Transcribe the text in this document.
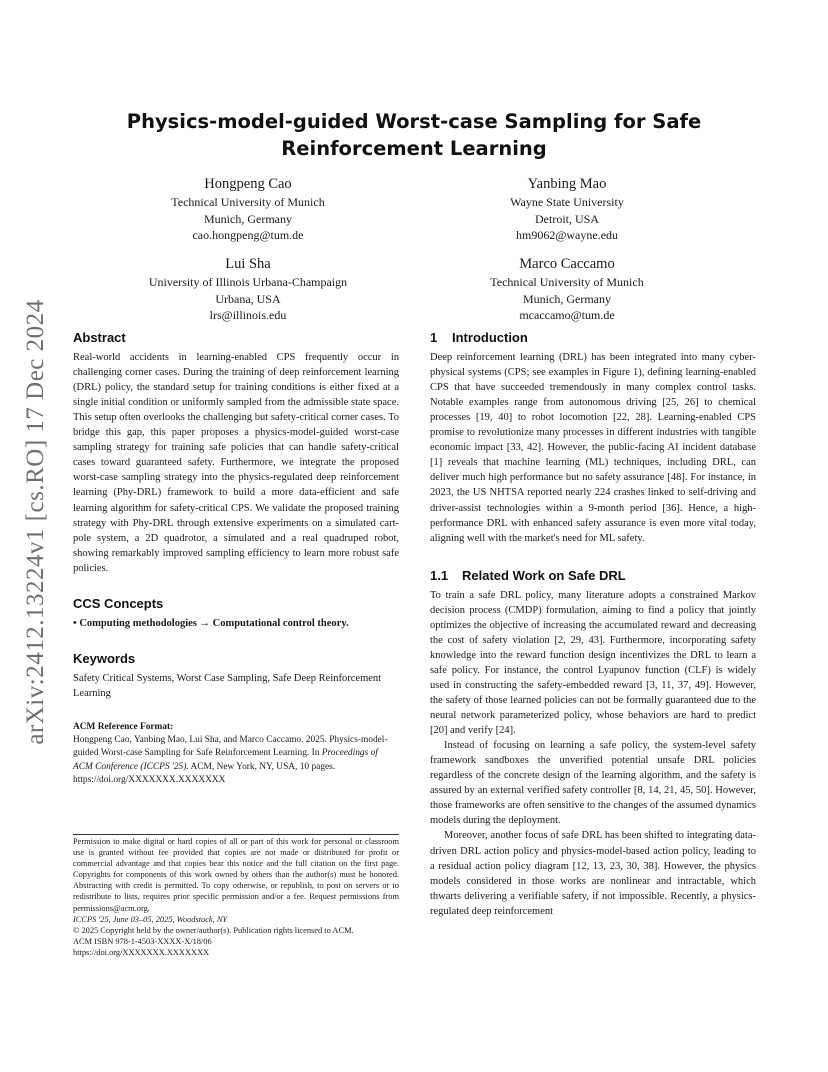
arXiv:2412.13224v1 [cs.RO] 17 Dec 2024
Physics-model-guided Worst-case Sampling for Safe
Reinforcement Learning
Hongpeng Cao
Technical University of Munich
Munich, Germany
cao.hongpeng@tum.de
Yanbing Mao
Wayne State University
Detroit, USA
hm9062@wayne.edu
Lui Sha
University of Illinois Urbana-Champaign
Urbana, USA
lrs@illinois.edu
Marco Caccamo
Technical University of Munich
Munich, Germany
mcaccamo@tum.de
Abstract

Real-world accidents in learning-enabled CPS frequently occur in challenging corner cases. During the training of deep reinforcement learning (DRL) policy, the standard setup for training conditions is either fixed at a single initial condition or uniformly sampled from the admissible state space. This setup often overlooks the challenging but safety-critical corner cases. To bridge this gap, this paper proposes a physics-model-guided worst-case sampling strategy for training safe policies that can handle safety-critical cases toward guaranteed safety. Furthermore, we integrate the proposed worst-case sampling strategy into the physics-regulated deep reinforcement learning (Phy-DRL) framework to build a more data-efficient and safe learning algorithm for safety-critical CPS. We validate the proposed training strategy with Phy-DRL through extensive experiments on a simulated cart-pole system, a 2D quadrotor, a simulated and a real quadruped robot, showing remarkably improved sampling efficiency to learn more robust safe policies.

CCS Concepts

• Computing methodologies → Computational control theory.

Keywords

Safety Critical Systems, Worst Case Sampling, Safe Deep Reinforcement Learning

ACM Reference Format:
Hongpeng Cao, Yanbing Mao, Lui Sha, and Marco Caccamo. 2025. Physics-model-guided Worst-case Sampling for Safe Reinforcement Learning. In Proceedings of ACM Conference (ICCPS '25). ACM, New York, NY, USA, 10 pages. https://doi.org/XXXXXXX.XXXXXXX
Permission to make digital or hard copies of all or part of this work for personal or classroom use is granted without fee provided that copies are not made or distributed for profit or commercial advantage and that copies bear this notice and the full citation on the first page. Copyrights for components of this work owned by others than the author(s) must be honored. Abstracting with credit is permitted. To copy otherwise, or republish, to post on servers or to redistribute to lists, requires prior specific permission and/or a fee. Request permissions from permissions@acm.org.
ICCPS '25, June 03–05, 2025, Woodstock, NY
© 2025 Copyright held by the owner/author(s). Publication rights licensed to ACM.
ACM ISBN 978-1-4503-XXXX-X/18/06
https://doi.org/XXXXXXX.XXXXXXX
1 Introduction

Deep reinforcement learning (DRL) has been integrated into many cyber-physical systems (CPS; see examples in Figure 1), defining learning-enabled CPS that have succeeded tremendously in many complex control tasks. Notable examples range from autonomous driving [25, 26] to chemical processes [19, 40] to robot locomotion [22, 28]. Learning-enabled CPS promise to revolutionize many processes in different industries with tangible economic impact [33, 42]. However, the public-facing AI incident database [1] reveals that machine learning (ML) techniques, including DRL, can deliver much high performance but no safety assurance [48]. For instance, in 2023, the US NHTSA reported nearly 224 crashes linked to self-driving and driver-assist technologies within a 9-month period [36]. Hence, a high-performance DRL with enhanced safety assurance is even more vital today, aligning well with the market's need for ML safety.

1.1 Related Work on Safe DRL

To train a safe DRL policy, many literature adopts a constrained Markov decision process (CMDP) formulation, aiming to find a policy that jointly optimizes the objective of increasing the accumulated reward and decreasing the cost of safety violation [2, 29, 43]. Furthermore, incorporating safety knowledge into the reward function design incentivizes the DRL to learn a safe policy. For instance, the control Lyapunov function (CLF) is widely used in constructing the safety-embedded reward [3, 11, 37, 49]. However, the safety of those learned policies can not be formally guaranteed due to the neural network parameterized policy, whose behaviors are hard to predict [20] and verify [24].

Instead of focusing on learning a safe policy, the system-level safety framework sandboxes the unverified potential unsafe DRL policies regardless of the concrete design of the learning algorithm, and the safety is assured by an external verified safety controller [8, 14, 21, 45, 50]. However, those frameworks are often sensitive to the changes of the assumed dynamics models during the deployment.

Moreover, another focus of safe DRL has been shifted to integrating data-driven DRL action policy and physics-model-based action policy, leading to a residual action policy diagram [12, 13, 23, 30, 38]. However, the physics models considered in those works are nonlinear and intractable, which thwarts delivering a verifiable safety, if not impossible. Recently, a physics-regulated deep reinforcement
